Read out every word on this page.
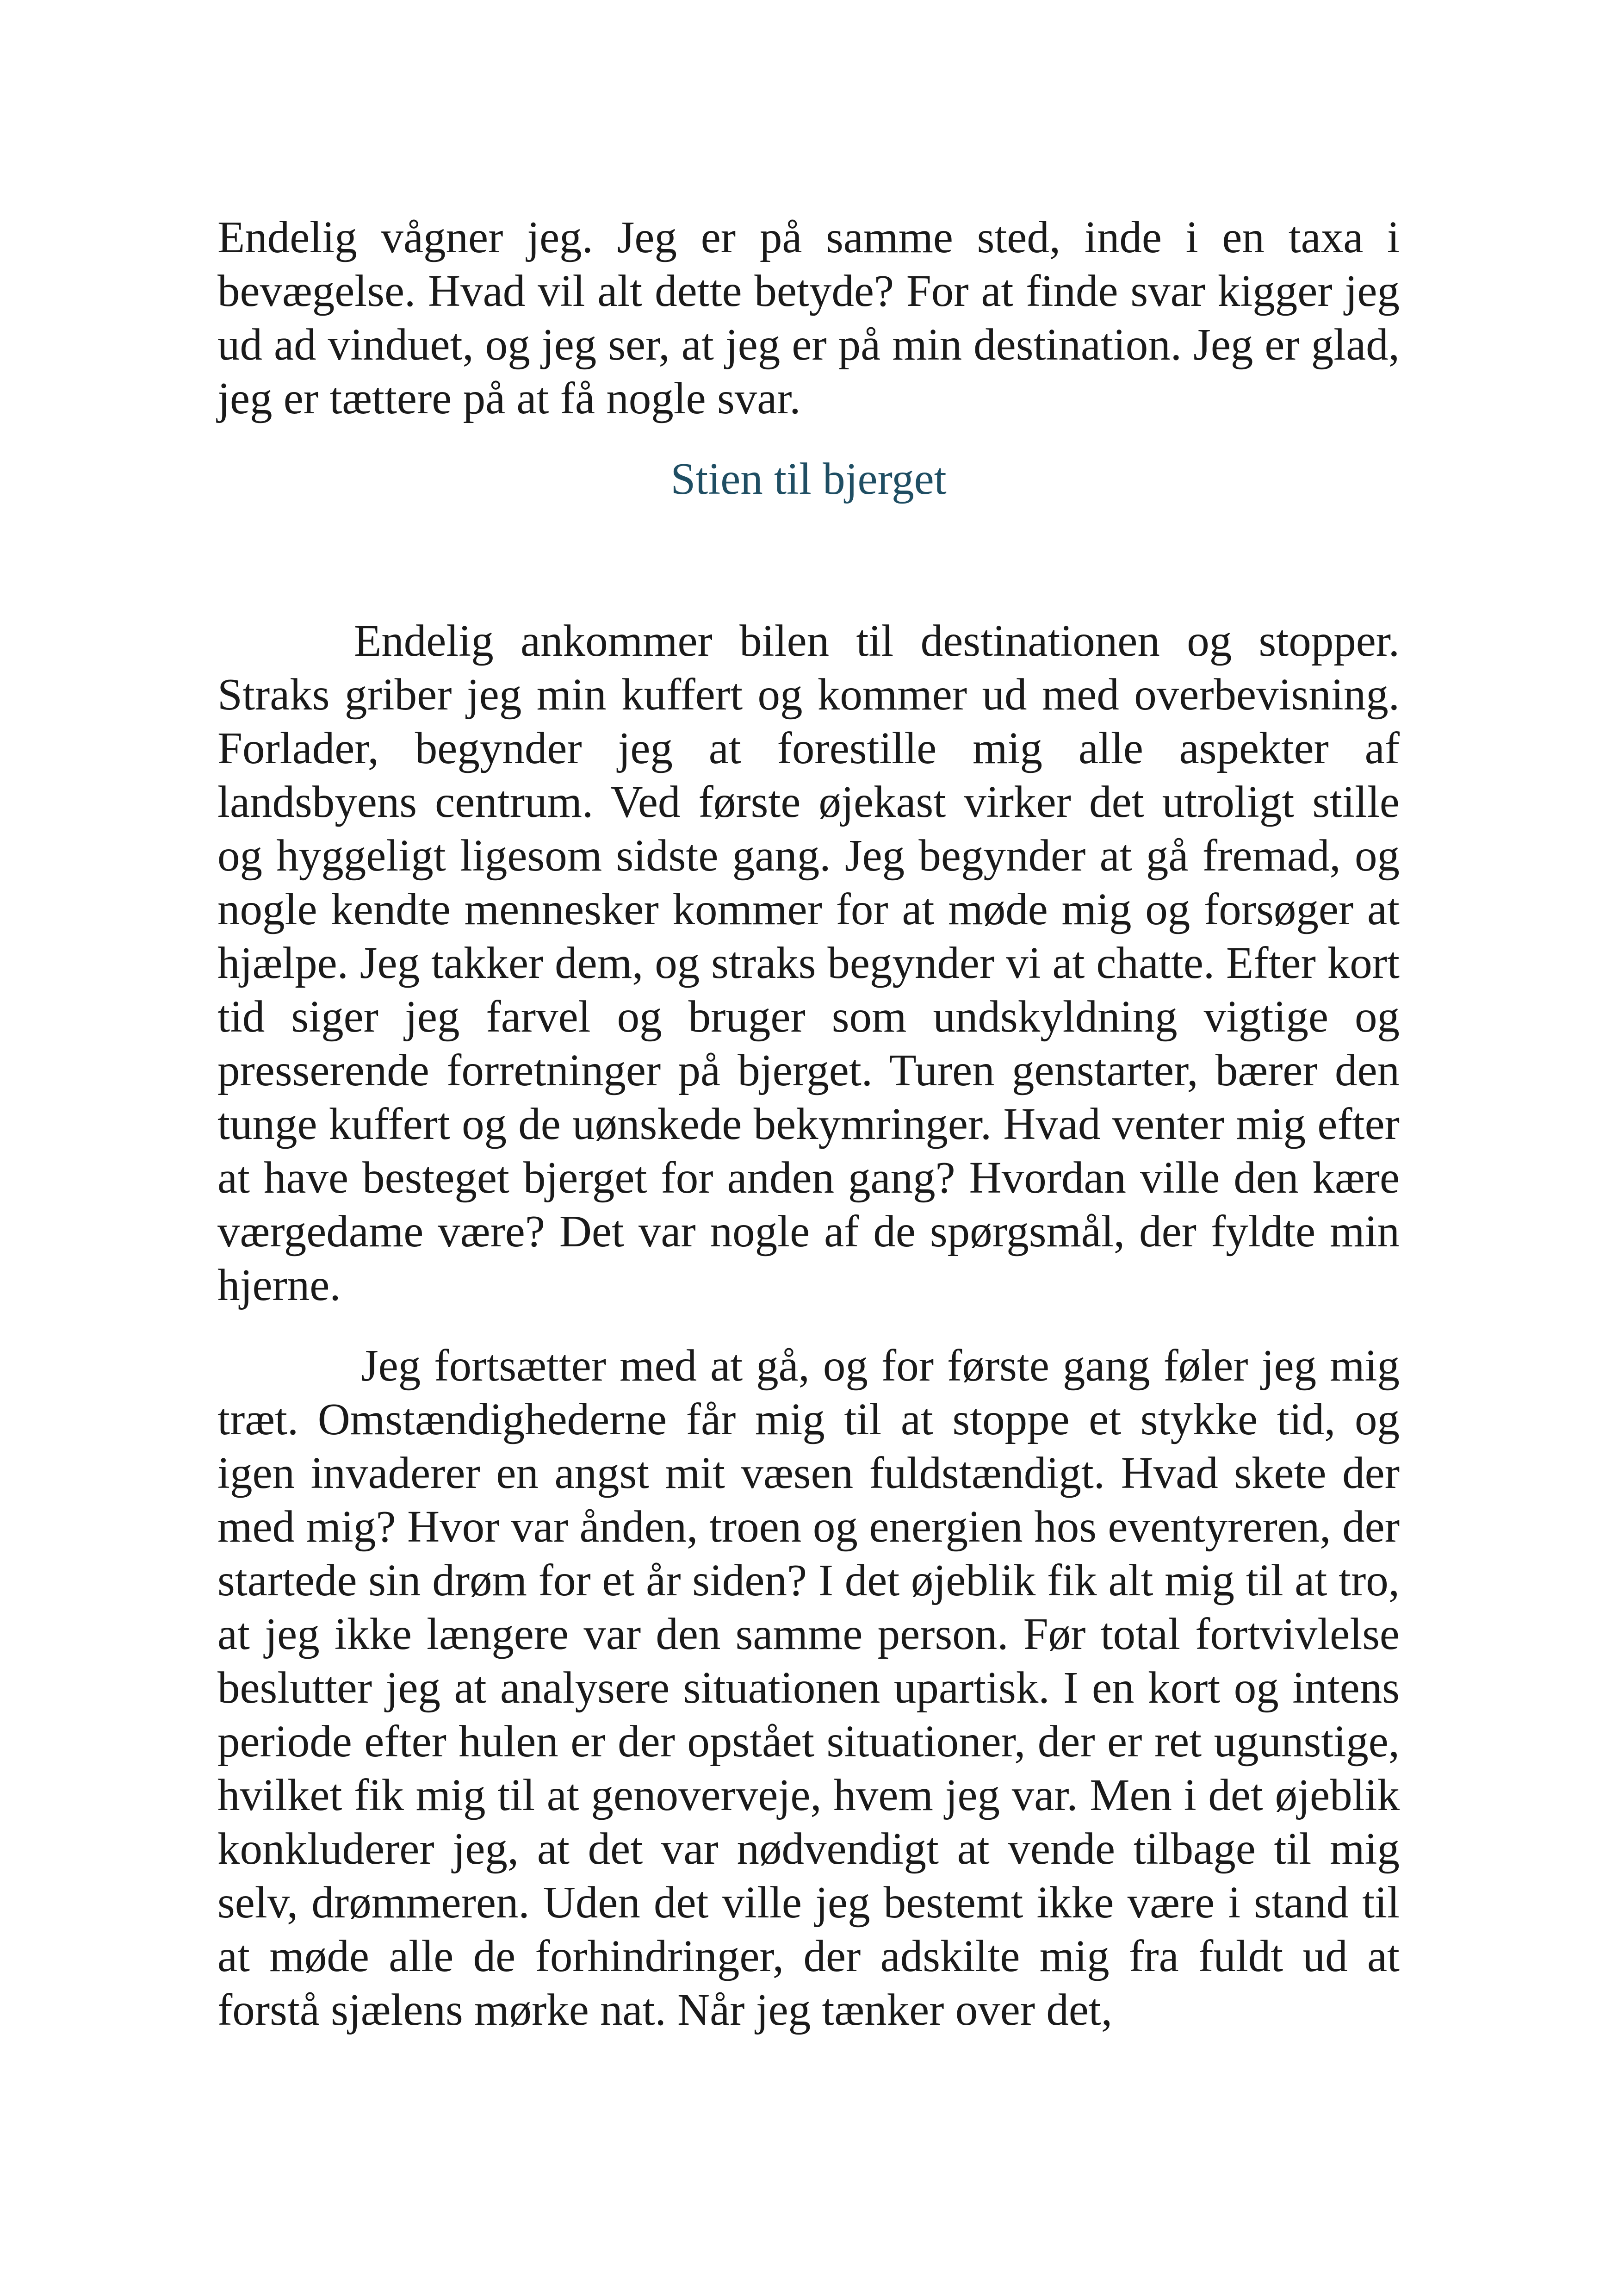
Endelig vågner jeg. Jeg er på samme sted, inde i en taxa i bevægelse. Hvad vil alt dette betyde? For at finde svar kigger jeg ud ad vinduet, og jeg ser, at jeg er på min destination. Jeg er glad, jeg er tættere på at få nogle svar.

Stien til bjerget

Endelig ankommer bilen til destinationen og stopper. Straks griber jeg min kuffert og kommer ud med overbevisning. Forlader, begynder jeg at forestille mig alle aspekter af landsbyens centrum. Ved første øjekast virker det utroligt stille og hyggeligt ligesom sidste gang. Jeg begynder at gå fremad, og nogle kendte mennesker kommer for at møde mig og forsøger at hjælpe. Jeg takker dem, og straks begynder vi at chatte. Efter kort tid siger jeg farvel og bruger som undskyldning vigtige og presserende forretninger på bjerget. Turen genstarter, bærer den tunge kuffert og de uønskede bekymringer. Hvad venter mig efter at have besteget bjerget for anden gang? Hvordan ville den kære værgedame være? Det var nogle af de spørgsmål, der fyldte min hjerne.

Jeg fortsætter med at gå, og for første gang føler jeg mig træt. Omstændighederne får mig til at stoppe et stykke tid, og igen invaderer en angst mit væsen fuldstændigt. Hvad skete der med mig? Hvor var ånden, troen og energien hos eventyreren, der startede sin drøm for et år siden? I det øjeblik fik alt mig til at tro, at jeg ikke længere var den samme person. Før total fortvivlelse beslutter jeg at analysere situationen upartisk. I en kort og intens periode efter hulen er der opstået situationer, der er ret ugunstige, hvilket fik mig til at genoverveje, hvem jeg var. Men i det øjeblik konkluderer jeg, at det var nødvendigt at vende tilbage til mig selv, drømmeren. Uden det ville jeg bestemt ikke være i stand til at møde alle de forhindringer, der adskilte mig fra fuldt ud at forstå sjælens mørke nat. Når jeg tænker over det,
